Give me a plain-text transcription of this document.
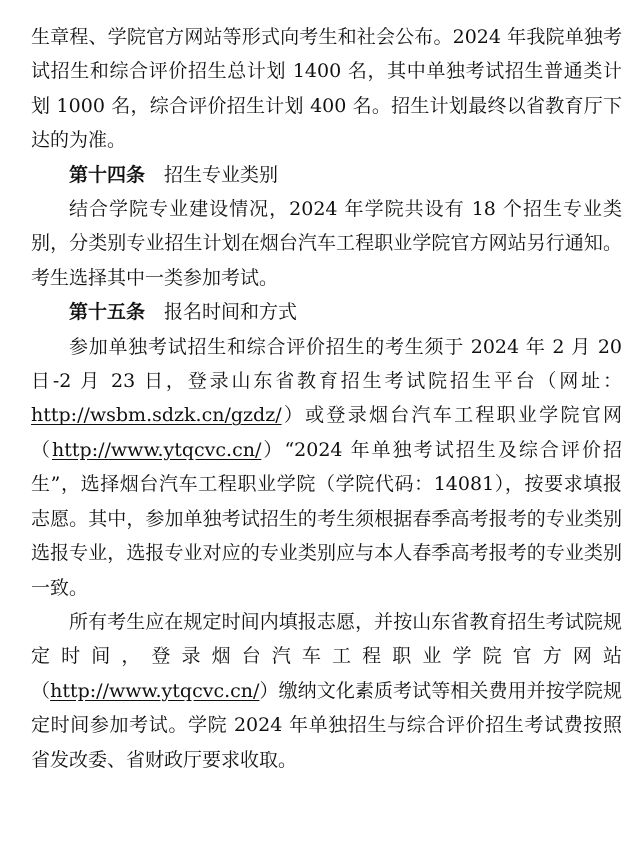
生章程、学院官方网站等形式向考生和社会公布。2024 年我院单独考试招生和综合评价招生总计划 1400 名，其中单独考试招生普通类计划 1000 名，综合评价招生计划 400 名。招生计划最终以省教育厅下达的为准。

第十四条 招生专业类别

结合学院专业建设情况，2024 年学院共设有 18 个招生专业类别，分类别专业招生计划在烟台汽车工程职业学院官方网站另行通知。考生选择其中一类参加考试。

第十五条 报名时间和方式

参加单独考试招生和综合评价招生的考生须于 2024 年 2 月 20 日-2 月 23 日，登录山东省教育招生考试院招生平台（网址：http://wsbm.sdzk.cn/gzdz/）或登录烟台汽车工程职业学院官网（http://www.ytqcvc.cn/）“2024 年单独考试招生及综合评价招生”，选择烟台汽车工程职业学院（学院代码：14081），按要求填报志愿。其中，参加单独考试招生的考生须根据春季高考报考的专业类别选报专业，选报专业对应的专业类别应与本人春季高考报考的专业类别一致。

所有考生应在规定时间内填报志愿，并按山东省教育招生考试院规定时间，登录烟台汽车工程职业学院官方网站（http://www.ytqcvc.cn/）缴纳文化素质考试等相关费用并按学院规定时间参加考试。学院 2024 年单独招生与综合评价招生考试费按照省发改委、省财政厅要求收取。
